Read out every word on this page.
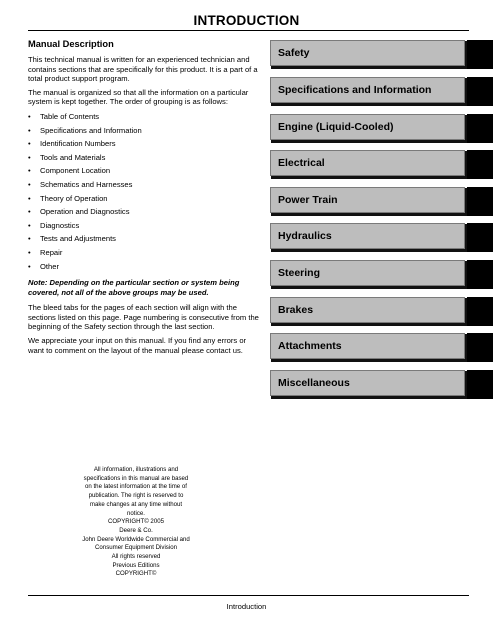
INTRODUCTION
Manual Description

This technical manual is written for an experienced technician and contains sections that are specifically for this product. It is a part of a total product support program.

The manual is organized so that all the information on a particular system is kept together. The order of grouping is as follows:

• Table of Contents
• Specifications and Information
• Identification Numbers
• Tools and Materials
• Component Location
• Schematics and Harnesses
• Theory of Operation
• Operation and Diagnostics
• Diagnostics
• Tests and Adjustments
• Repair
• Other

Note: Depending on the particular section or system being covered, not all of the above groups may be used.

The bleed tabs for the pages of each section will align with the sections listed on this page. Page numbering is consecutive from the beginning of the Safety section through the last section.

We appreciate your input on this manual. If you find any errors or want to comment on the layout of the manual please contact us.

Safety
Specifications and Information
Engine (Liquid-Cooled)
Electrical
Power Train
Hydraulics
Steering
Brakes
Attachments
Miscellaneous
All information, illustrations and
specifications in this manual are based
on the latest information at the time of
publication. The right is reserved to
make changes at any time without
notice.
COPYRIGHT© 2005
Deere & Co.
John Deere Worldwide Commercial and
Consumer Equipment Division
All rights reserved
Previous Editions
COPYRIGHT©
Introduction
